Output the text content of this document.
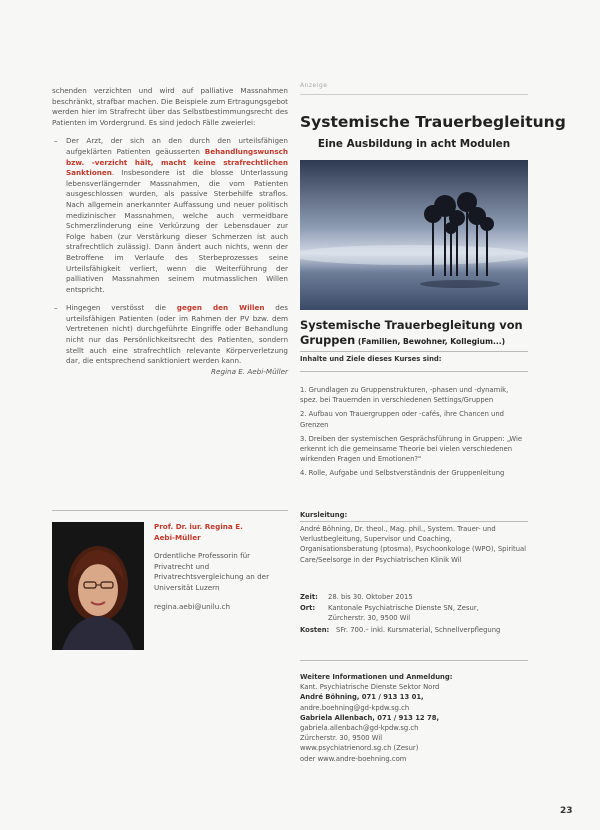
schenden verzichten und wird auf palliative Massnahmen beschränkt, strafbar machen. Die Beispiele zum Ertragungsgebot werden hier im Strafrecht über das Selbstbestimmungsrecht des Patienten im Vordergrund. Es sind jedoch Fälle zweierlei:

– Der Arzt, der sich an den durch den urteilsfähigen aufgeklärten Patienten geäusserten Behandlungswunsch bzw. -verzicht hält, macht keine strafrechtlichen Sanktionen. Insbesondere ist die blosse Unterlassung lebensverlängernder Massnahmen, die vom Patienten ausgeschlossen wurden, als passive Sterbehilfe straflos. Nach allgemein anerkannter Auffassung und neuer politisch medizinischer Massnahmen, welche auch vermeidbare Schmerzlinderung eine Verkürzung der Lebensdauer zur Folge haben (zur Verstärkung dieser Schmerzen ist auch strafrechtlich zulässig). Dann ändert auch nichts, wenn der Betroffene im Verlaufe des Sterbeprozesses seine Urteilsfähigkeit verliert, wenn die Weiterführung der palliativen Massnahmen seinem mutmasslichen Willen entspricht.
– Hingegen verstösst die gegen den Willen des urteilsfähigen Patienten (oder im Rahmen der PV bzw. dem Vertretenen nicht) durchgeführte Eingriffe oder Behandlung nicht nur das Persönlichkeitsrecht des Patienten, sondern stellt auch eine strafrechtlich relevante Körperverletzung dar, die entsprechend sanktioniert werden kann.

Regina E. Aebi-Müller

Prof. Dr. iur. Regina E.
Aebi-Müller

Ordentliche Professorin für Privatrecht und Privatrechtsvergleichung an der Universität Luzern

regina.aebi@unilu.ch

Anzeige
Systemische Trauerbegleitung
Eine Ausbildung in acht Modulen
Systemische Trauerbegleitung von
Gruppen (Familien, Bewohner, Kollegium...)

Inhalte und Ziele dieses Kurses sind:

1. Grundlagen zu Gruppenstrukturen, -phasen und -dynamik, spez. bei Trauernden in verschiedenen Settings/Gruppen

2. Aufbau von Trauergruppen oder -cafés, ihre Chancen und Grenzen

3. Dreiben der systemischen Gesprächsführung in Gruppen: „Wie erkennt ich die gemeinsame Theorie bei vielen verschiedenen wirkenden Fragen und Emotionen?"

4. Rolle, Aufgabe und Selbstverständnis der Gruppenleitung

Kursleitung:

André Böhning, Dr. theol., Mag. phil., System. Trauer- und Verlustbegleitung, Supervisor und Coaching, Organisationsberatung (ptosma), Psychoonkologe (WPO), Spiritual Care/Seelsorge in der Psychiatrischen Klinik Wil

Zeit:	28. bis 30. Oktober 2015
Ort:	Kantonale Psychiatrische Dienste SN, Zesur,
Zürcherstr. 30, 9500 Wil
Kosten: SFr. 700.– inkl. Kursmaterial, Schnellverpflegung

Weitere Informationen und Anmeldung:

Kant. Psychiatrische Dienste Sektor Nord

André Böhning, 071 / 913 13 01,

andre.boehning@gd-kpdw.sg.ch

Gabriela Allenbach, 071 / 913 12 78,

gabriela.allenbach@gd-kpdw.sg.ch

Zürcherstr. 30, 9500 Wil

www.psychiatrienord.sg.ch (Zesur)

oder www.andre-boehning.com

23
